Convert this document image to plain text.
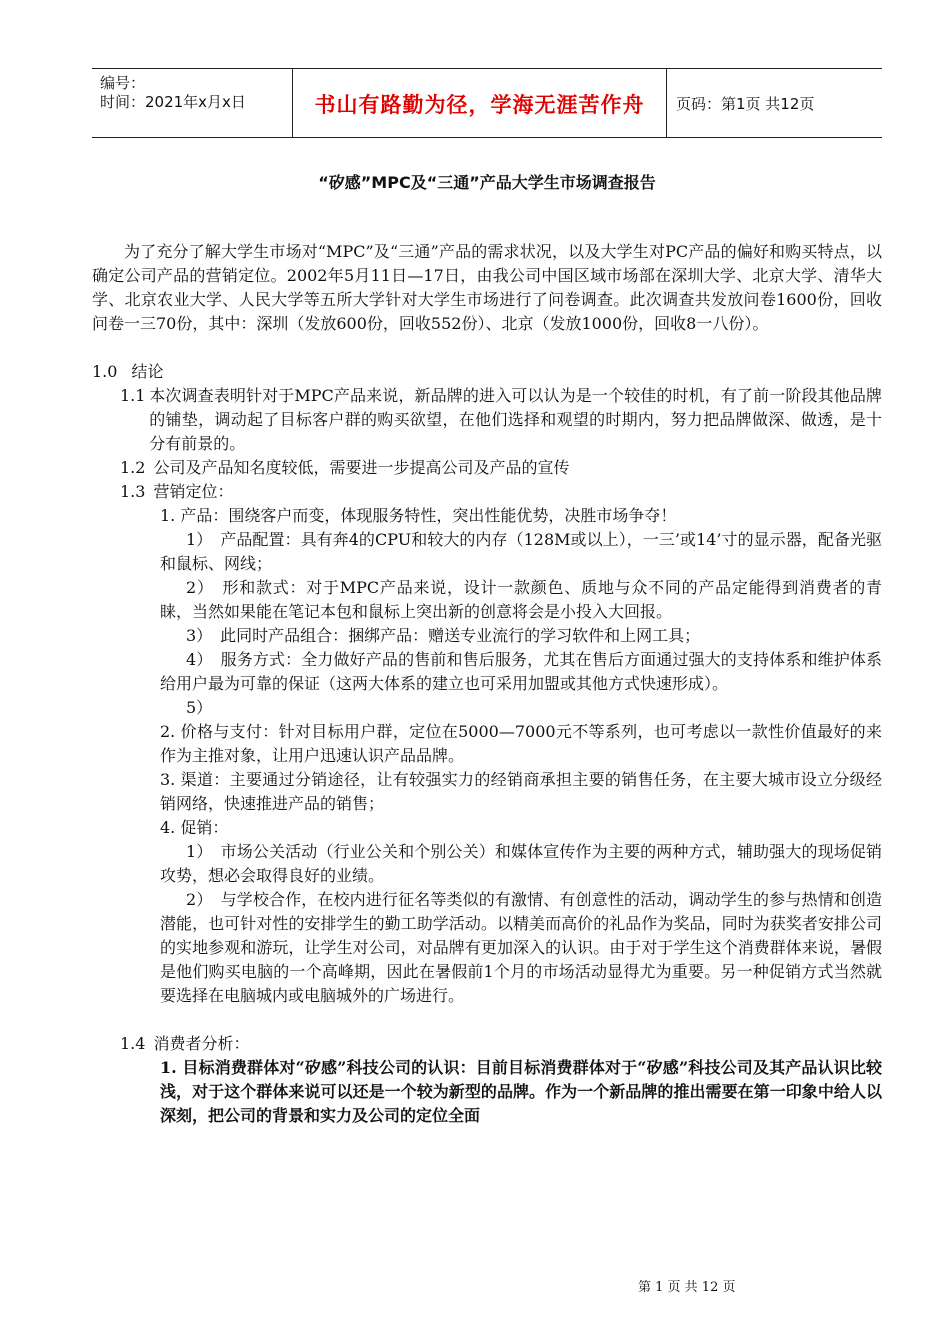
编号：
时间：2021年x月x日	书山有路勤为径，学海无涯苦作舟	页码：第1页 共12页
“矽感”MPC及“三通”产品大学生市场调查报告
为了充分了解大学生市场对“MPC”及“三通”产品的需求状况，以及大学生对PC产品的偏好和购买特点，以确定公司产品的营销定位。2002年5月11日—17日，由我公司中国区域市场部在深圳大学、北京大学、清华大学、北京农业大学、人民大学等五所大学针对大学生市场进行了问卷调查。此次调查共发放问卷1600份，回收问卷一三70份，其中：深圳（发放600份，回收552份）、北京（发放1000份，回收8一八份）。
1.0 结论
1.1 本次调查表明针对于MPC产品来说，新品牌的进入可以认为是一个较佳的时机，有了前一阶段其他品牌的铺垫，调动起了目标客户群的购买欲望，在他们选择和观望的时期内，努力把品牌做深、做透，是十分有前景的。
1.2 公司及产品知名度较低，需要进一步提高公司及产品的宣传
1.3 营销定位：
1. 产品：围绕客户而变，体现服务特性，突出性能优势，决胜市场争夺！
1）　产品配置：具有奔4的CPU和较大的内存（128M或以上），一三’或14’寸的显示器，配备光驱和鼠标、网线；
2）　形和款式：对于MPC产品来说，设计一款颜色、质地与众不同的产品定能得到消费者的青睐，当然如果能在笔记本包和鼠标上突出新的创意将会是小投入大回报。
3）　此同时产品组合：捆绑产品：赠送专业流行的学习软件和上网工具；
4）　服务方式：全力做好产品的售前和售后服务，尤其在售后方面通过强大的支持体系和维护体系给用户最为可靠的保证（这两大体系的建立也可采用加盟或其他方式快速形成）。
5）
2. 价格与支付：针对目标用户群，定位在5000—7000元不等系列，也可考虑以一款性价值最好的来作为主推对象，让用户迅速认识产品品牌。
3. 渠道：主要通过分销途径，让有较强实力的经销商承担主要的销售任务，在主要大城市设立分级经销网络，快速推进产品的销售；
4. 促销：
1）　市场公关活动（行业公关和个别公关）和媒体宣传作为主要的两种方式，辅助强大的现场促销攻势，想必会取得良好的业绩。
2）　与学校合作，在校内进行征名等类似的有激情、有创意性的活动，调动学生的参与热情和创造潜能，也可针对性的安排学生的勤工助学活动。以精美而高价的礼品作为奖品，同时为获奖者安排公司的实地参观和游玩，让学生对公司，对品牌有更加深入的认识。由于对于学生这个消费群体来说，暑假是他们购买电脑的一个高峰期，因此在暑假前1个月的市场活动显得尤为重要。另一种促销方式当然就要选择在电脑城内或电脑城外的广场进行。
1.4 消费者分析：
1. 目标消费群体对“矽感”科技公司的认识：目前目标消费群体对于“矽感”科技公司及其产品认识比较浅，对于这个群体来说可以还是一个较为新型的品牌。作为一个新品牌的推出需要在第一印象中给人以深刻，把公司的背景和实力及公司的定位全面
第 1 页 共 12 页
